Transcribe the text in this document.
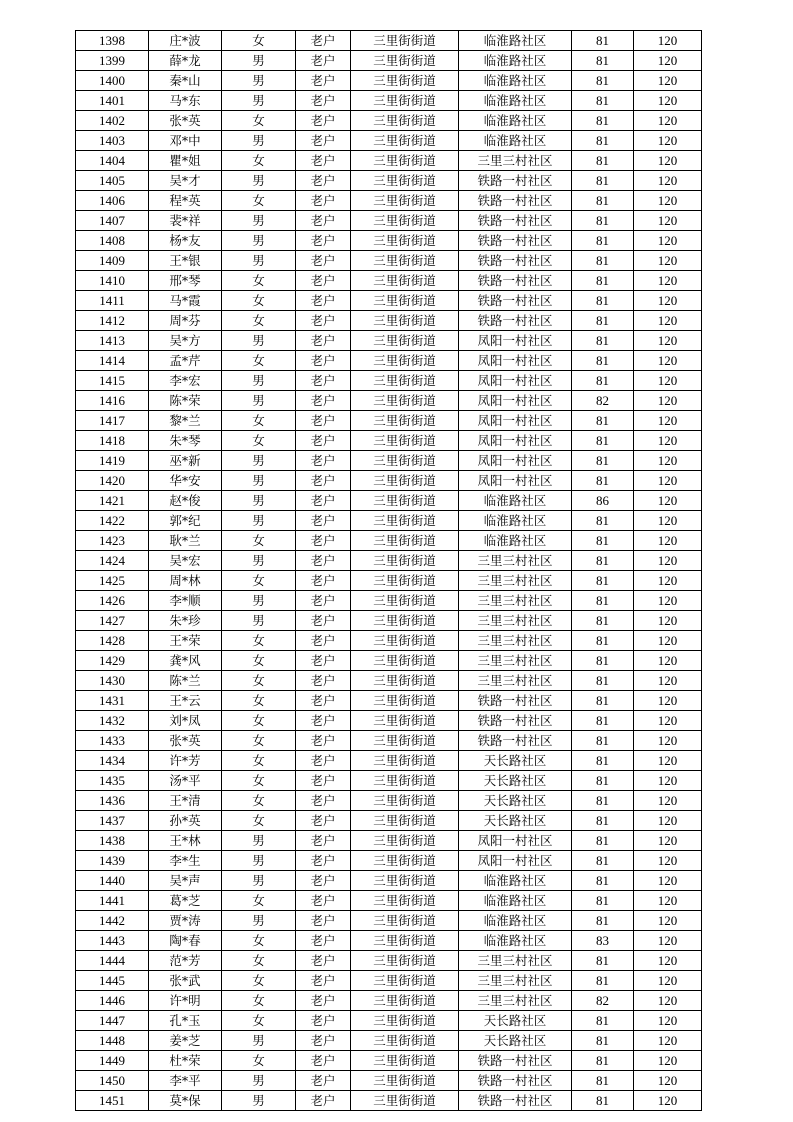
1398	庄*波	女	老户	三里街街道	临淮路社区	81	120
1399	薛*龙	男	老户	三里街街道	临淮路社区	81	120
1400	秦*山	男	老户	三里街街道	临淮路社区	81	120
1401	马*东	男	老户	三里街街道	临淮路社区	81	120
1402	张*英	女	老户	三里街街道	临淮路社区	81	120
1403	邓*中	男	老户	三里街街道	临淮路社区	81	120
1404	瞿*姐	女	老户	三里街街道	三里三村社区	81	120
1405	吴*才	男	老户	三里街街道	铁路一村社区	81	120
1406	程*英	女	老户	三里街街道	铁路一村社区	81	120
1407	裴*祥	男	老户	三里街街道	铁路一村社区	81	120
1408	杨*友	男	老户	三里街街道	铁路一村社区	81	120
1409	王*银	男	老户	三里街街道	铁路一村社区	81	120
1410	邢*琴	女	老户	三里街街道	铁路一村社区	81	120
1411	马*霞	女	老户	三里街街道	铁路一村社区	81	120
1412	周*芬	女	老户	三里街街道	铁路一村社区	81	120
1413	吴*方	男	老户	三里街街道	凤阳一村社区	81	120
1414	孟*芹	女	老户	三里街街道	凤阳一村社区	81	120
1415	李*宏	男	老户	三里街街道	凤阳一村社区	81	120
1416	陈*荣	男	老户	三里街街道	凤阳一村社区	82	120
1417	黎*兰	女	老户	三里街街道	凤阳一村社区	81	120
1418	朱*琴	女	老户	三里街街道	凤阳一村社区	81	120
1419	巫*新	男	老户	三里街街道	凤阳一村社区	81	120
1420	华*安	男	老户	三里街街道	凤阳一村社区	81	120
1421	赵*俊	男	老户	三里街街道	临淮路社区	86	120
1422	郭*纪	男	老户	三里街街道	临淮路社区	81	120
1423	耿*兰	女	老户	三里街街道	临淮路社区	81	120
1424	吴*宏	男	老户	三里街街道	三里三村社区	81	120
1425	周*林	女	老户	三里街街道	三里三村社区	81	120
1426	李*顺	男	老户	三里街街道	三里三村社区	81	120
1427	朱*珍	男	老户	三里街街道	三里三村社区	81	120
1428	王*荣	女	老户	三里街街道	三里三村社区	81	120
1429	龚*风	女	老户	三里街街道	三里三村社区	81	120
1430	陈*兰	女	老户	三里街街道	三里三村社区	81	120
1431	王*云	女	老户	三里街街道	铁路一村社区	81	120
1432	刘*凤	女	老户	三里街街道	铁路一村社区	81	120
1433	张*英	女	老户	三里街街道	铁路一村社区	81	120
1434	许*芳	女	老户	三里街街道	天长路社区	81	120
1435	汤*平	女	老户	三里街街道	天长路社区	81	120
1436	王*清	女	老户	三里街街道	天长路社区	81	120
1437	孙*英	女	老户	三里街街道	天长路社区	81	120
1438	王*林	男	老户	三里街街道	凤阳一村社区	81	120
1439	李*生	男	老户	三里街街道	凤阳一村社区	81	120
1440	吴*声	男	老户	三里街街道	临淮路社区	81	120
1441	葛*芝	女	老户	三里街街道	临淮路社区	81	120
1442	贾*涛	男	老户	三里街街道	临淮路社区	81	120
1443	陶*春	女	老户	三里街街道	临淮路社区	83	120
1444	范*芳	女	老户	三里街街道	三里三村社区	81	120
1445	张*武	女	老户	三里街街道	三里三村社区	81	120
1446	许*明	女	老户	三里街街道	三里三村社区	82	120
1447	孔*玉	女	老户	三里街街道	天长路社区	81	120
1448	姜*芝	男	老户	三里街街道	天长路社区	81	120
1449	杜*荣	女	老户	三里街街道	铁路一村社区	81	120
1450	李*平	男	老户	三里街街道	铁路一村社区	81	120
1451	莫*保	男	老户	三里街街道	铁路一村社区	81	120
